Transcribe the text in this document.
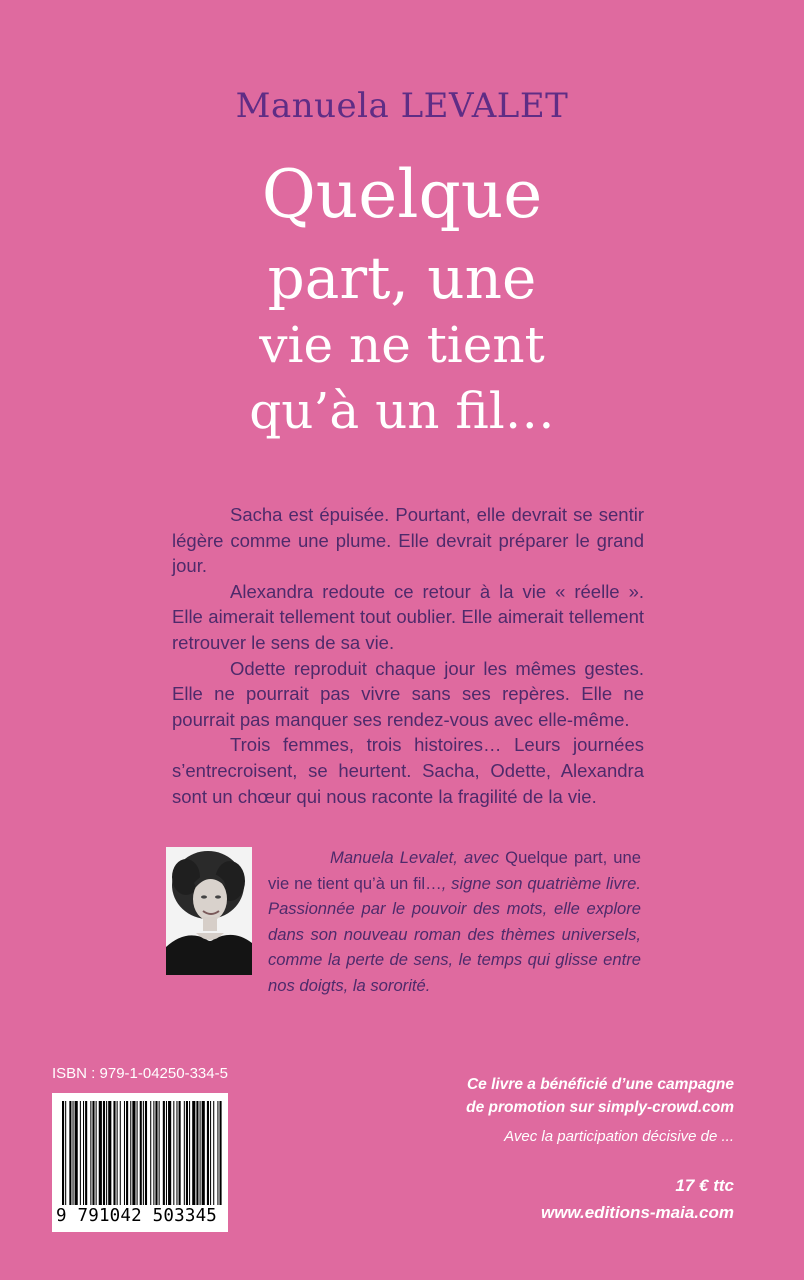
Manuela LEVALET
Quelque
part, une
vie ne tient
qu’à un fil…

Sacha est épuisée. Pourtant, elle devrait se sentir légère comme une plume. Elle devrait préparer le grand jour.

Alexandra redoute ce retour à la vie « réelle ». Elle aimerait tellement tout oublier. Elle aimerait tellement retrouver le sens de sa vie.

Odette reproduit chaque jour les mêmes gestes. Elle ne pourrait pas vivre sans ses repères. Elle ne pourrait pas manquer ses rendez-vous avec elle-même.

Trois femmes, trois histoires… Leurs journées s’entrecroisent, se heurtent. Sacha, Odette, Alexandra sont un chœur qui nous raconte la fragilité de la vie.

Manuela Levalet, avec Quelque part, une vie ne tient qu’à un fil…, signe son quatrième livre. Passionnée par le pouvoir des mots, elle explore dans son nouveau roman des thèmes universels, comme la perte de sens, le temps qui glisse entre nos doigts, la sororité.
ISBN : 979-1-04250-334-5
9 791042 503345
Ce livre a bénéficié d’une campagne
de promotion sur simply-crowd.com
Avec la participation décisive de ...
17 € ttc
www.editions-maia.com
